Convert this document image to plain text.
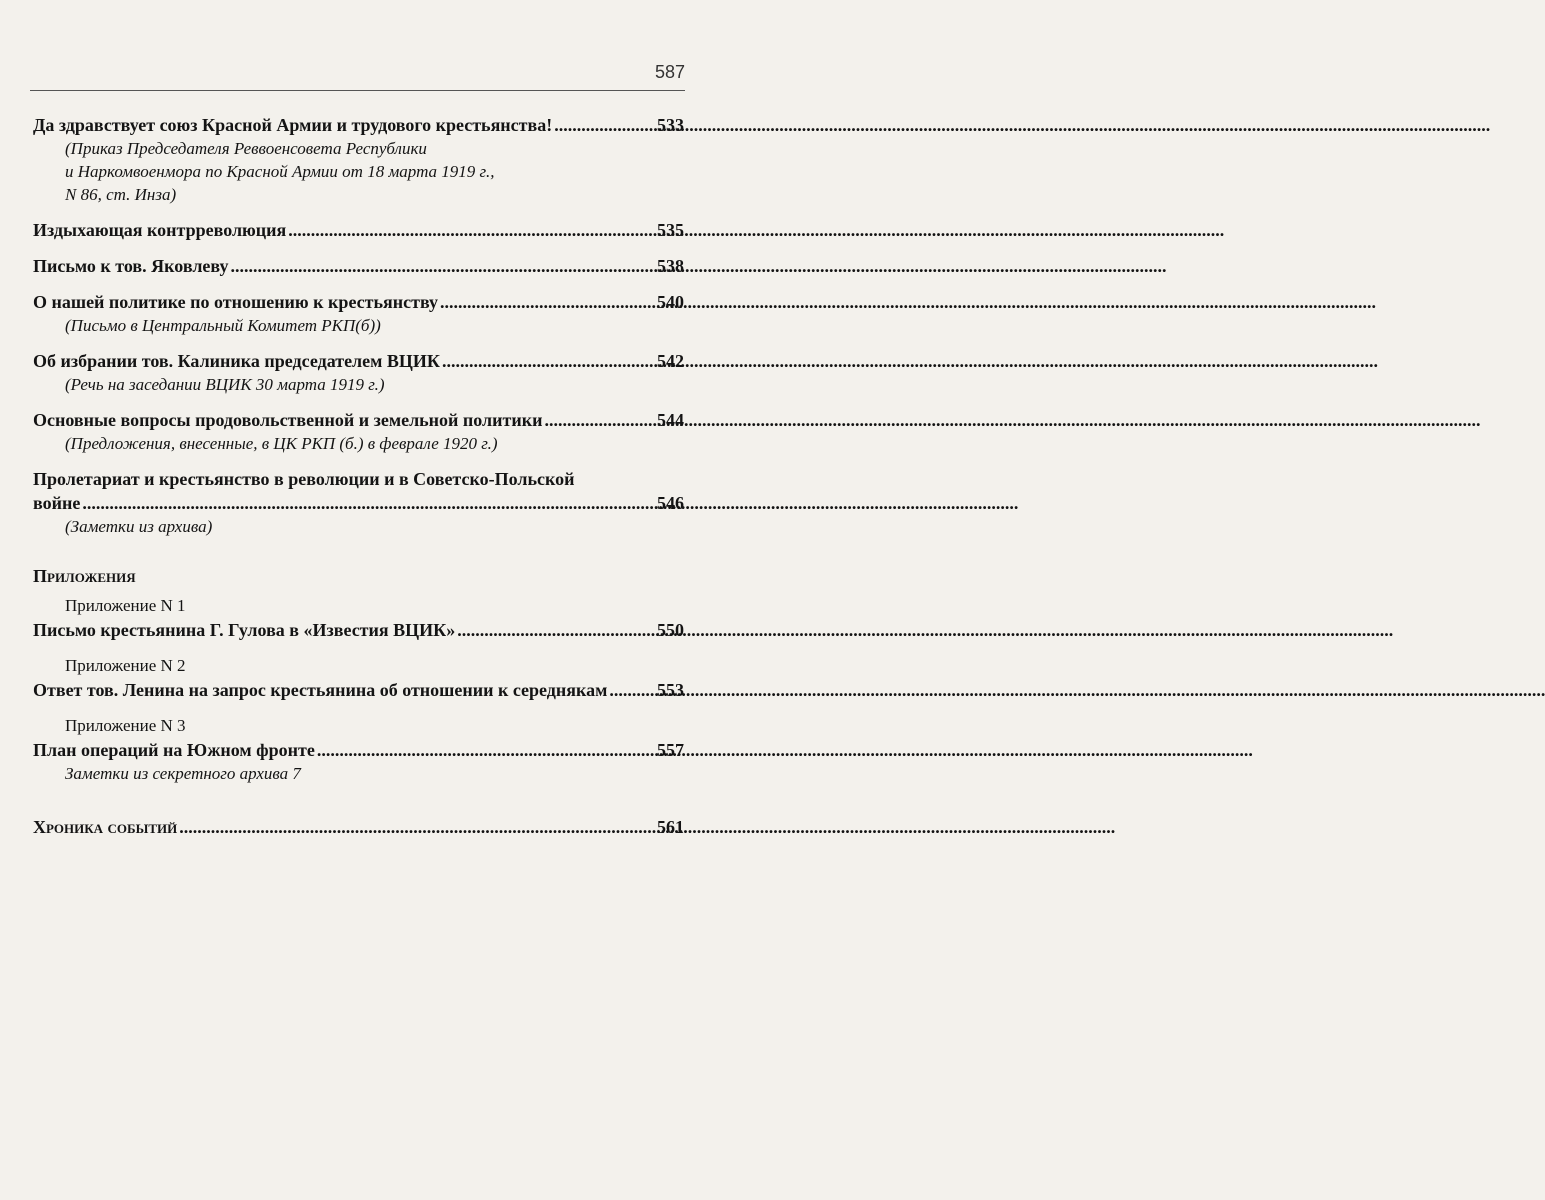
587
Да здравствует союз Красной Армии и трудового крестьянства! .....	533
(Приказ Председателя Реввоенсовета Республики
и Наркомвоенмора по Красной Армии от 18 марта 1919 г.,
N 86, ст. Инза)
Издыхающая контрреволюция .....	535
Письмо к тов. Яковлеву .....	538
О нашей политике по отношению к крестьянству .....	540
(Письмо в Центральный Комитет РКП(б))
Об избрании тов. Калиника председателем ВЦИК .....	542
(Речь на заседании ВЦИК 30 марта 1919 г.)
Основные вопросы продовольственной и земельной политики .....	544
(Предложения, внесенные, в ЦК РКП (б.) в феврале 1920 г.)
Пролетариат и крестьянство в революции и в Советско-Польской
войне .....	546
(Заметки из архива)
Приложения
Приложение N 1
Письмо крестьянина Г. Гулова в «Известия ВЦИК» .....	550
Приложение N 2
Ответ тов. Ленина на запрос крестьянина об отношении к середнякам .....	553
Приложение N 3
План операций на Южном фронте .....	557
Заметки из секретного архива 7
Хроника событий .....	561
